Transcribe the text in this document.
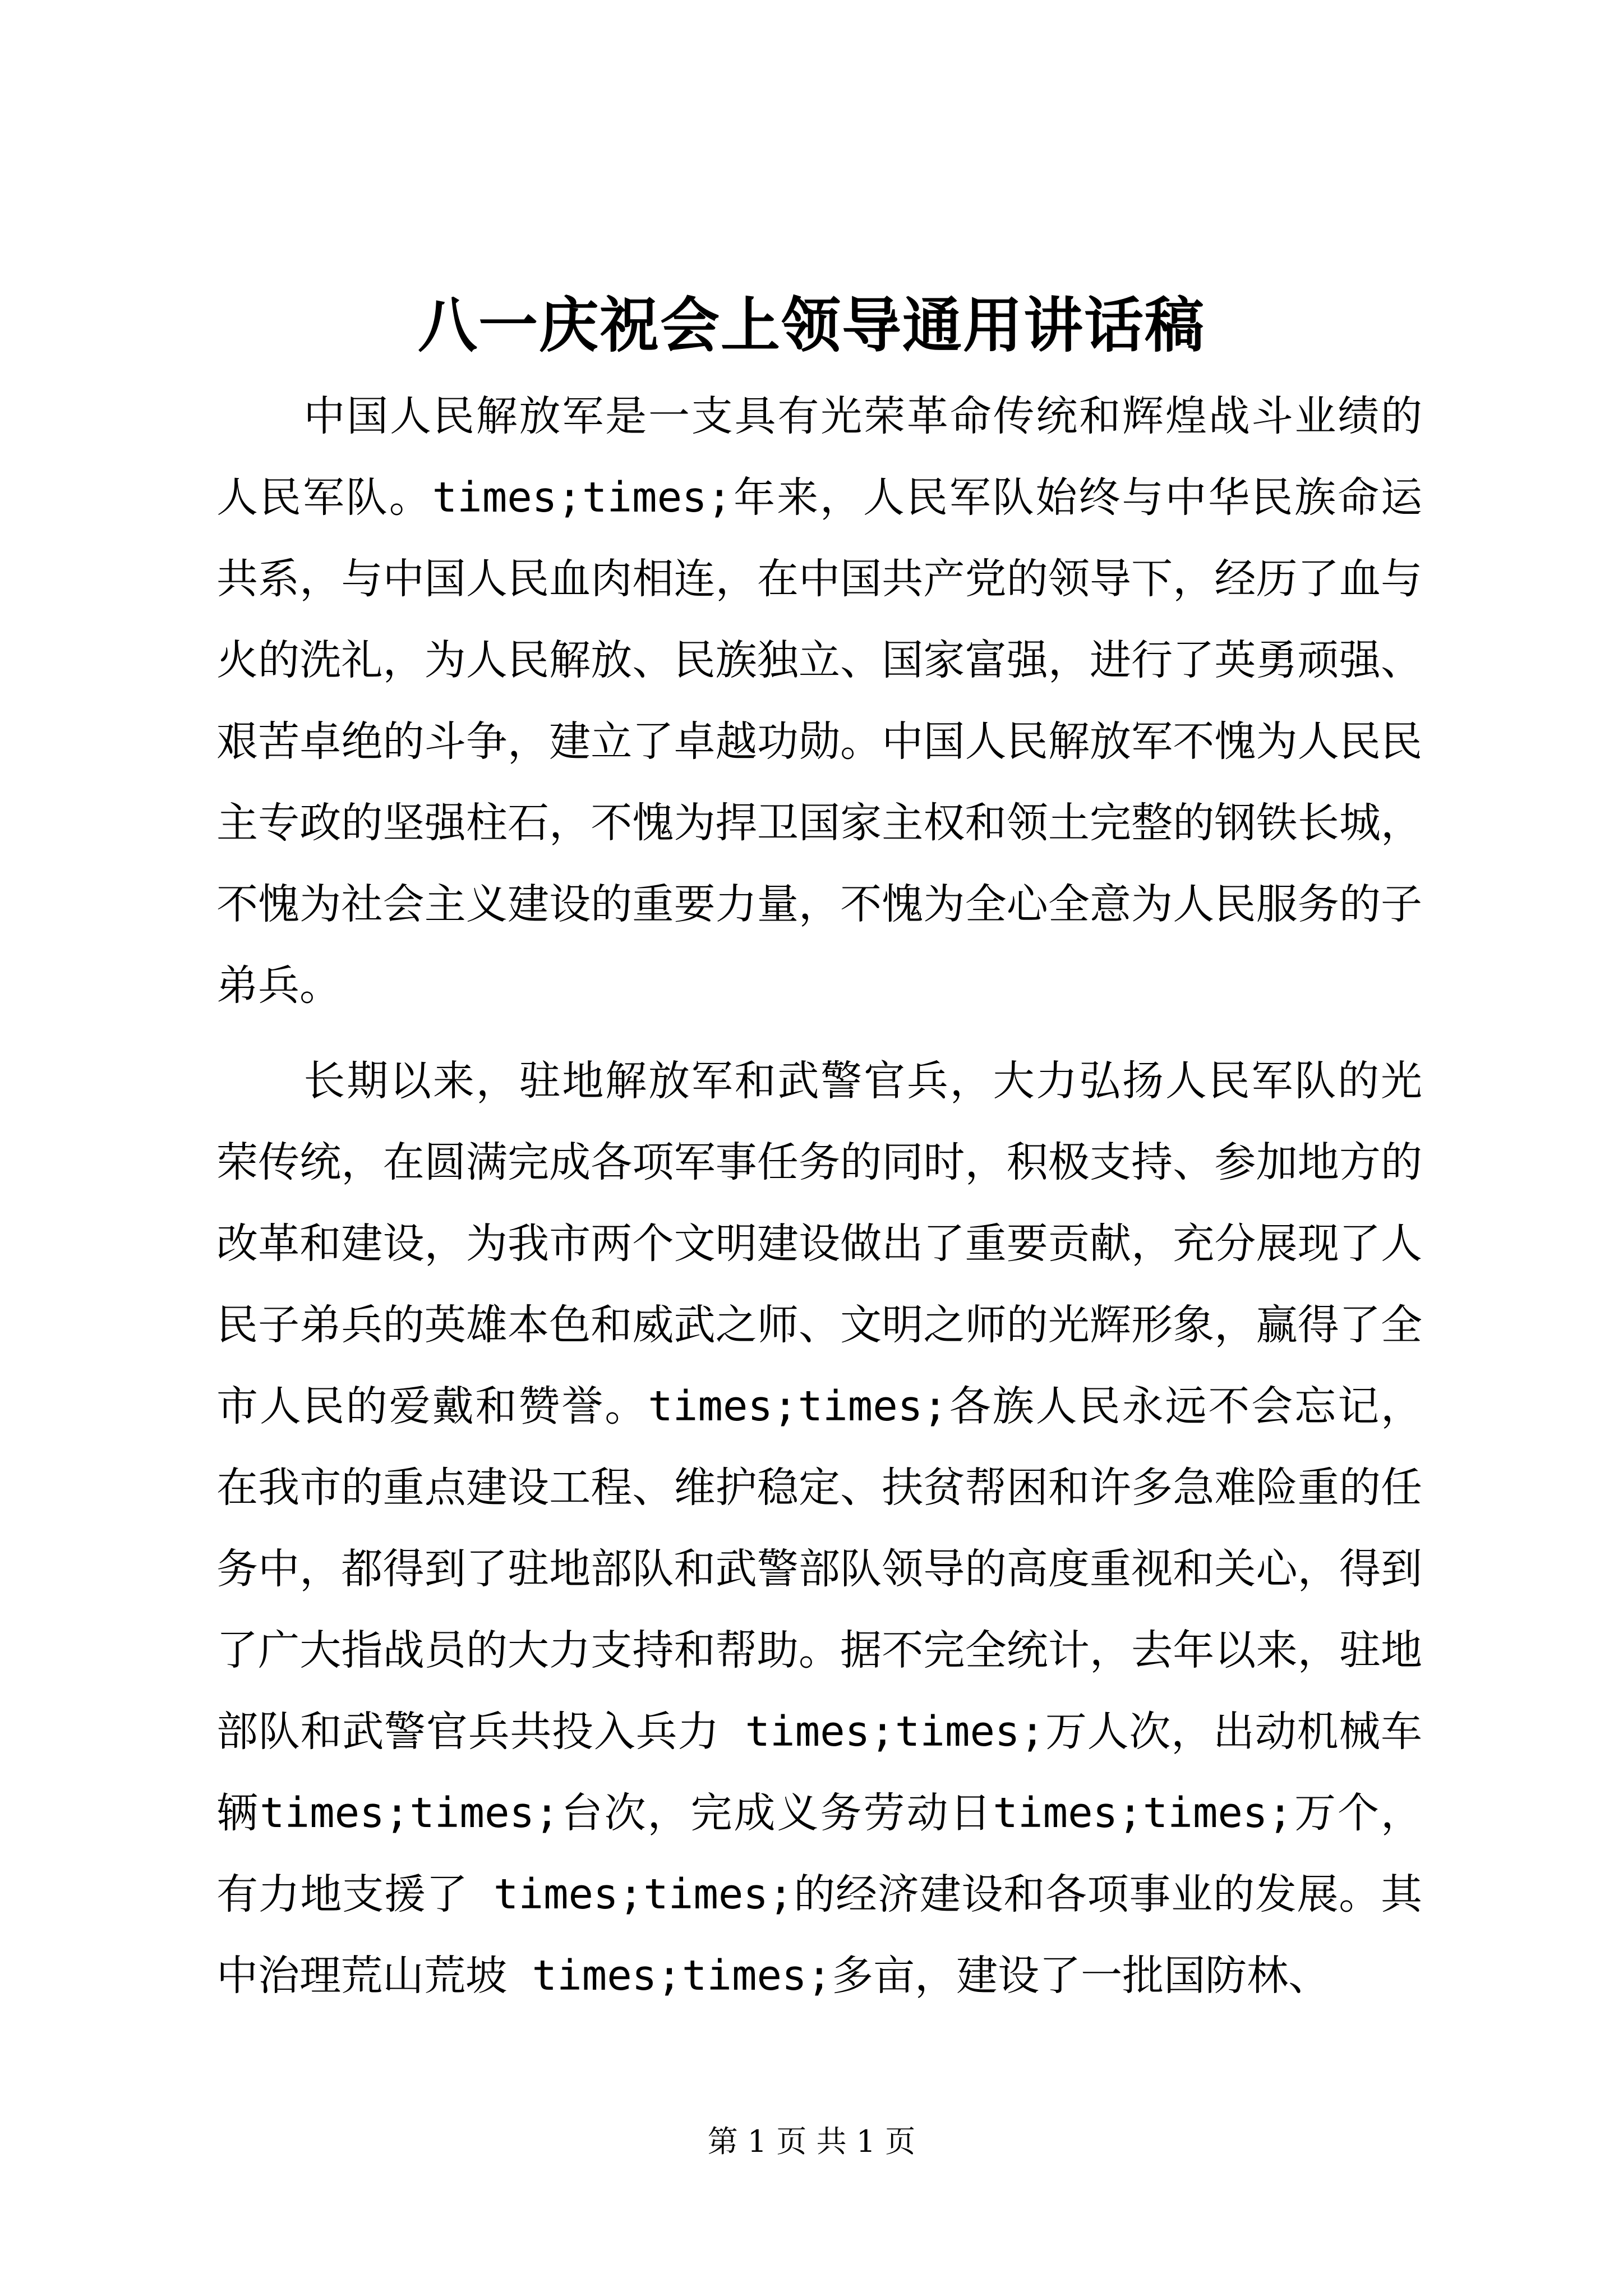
八一庆祝会上领导通用讲话稿

中国人民解放军是一支具有光荣革命传统和辉煌战斗业绩的人民军队。times;times;年来，人民军队始终与中华民族命运共系，与中国人民血肉相连，在中国共产党的领导下，经历了血与火的洗礼，为人民解放、民族独立、国家富强，进行了英勇顽强、艰苦卓绝的斗争，建立了卓越功勋。中国人民解放军不愧为人民民主专政的坚强柱石，不愧为捍卫国家主权和领土完整的钢铁长城，不愧为社会主义建设的重要力量，不愧为全心全意为人民服务的子弟兵。

长期以来，驻地解放军和武警官兵，大力弘扬人民军队的光荣传统，在圆满完成各项军事任务的同时，积极支持、参加地方的改革和建设，为我市两个文明建设做出了重要贡献，充分展现了人民子弟兵的英雄本色和威武之师、文明之师的光辉形象，赢得了全市人民的爱戴和赞誉。times;times;各族人民永远不会忘记，在我市的重点建设工程、维护稳定、扶贫帮困和许多急难险重的任务中，都得到了驻地部队和武警部队领导的高度重视和关心，得到了广大指战员的大力支持和帮助。据不完全统计，去年以来，驻地部队和武警官兵共投入兵力 times;times;万人次，出动机械车辆times;times;台次，完成义务劳动日times;times;万个，有力地支援了 times;times;的经济建设和各项事业的发展。其中治理荒山荒坡 times;times;多亩，建设了一批国防林、

第 1 页 共 1 页
